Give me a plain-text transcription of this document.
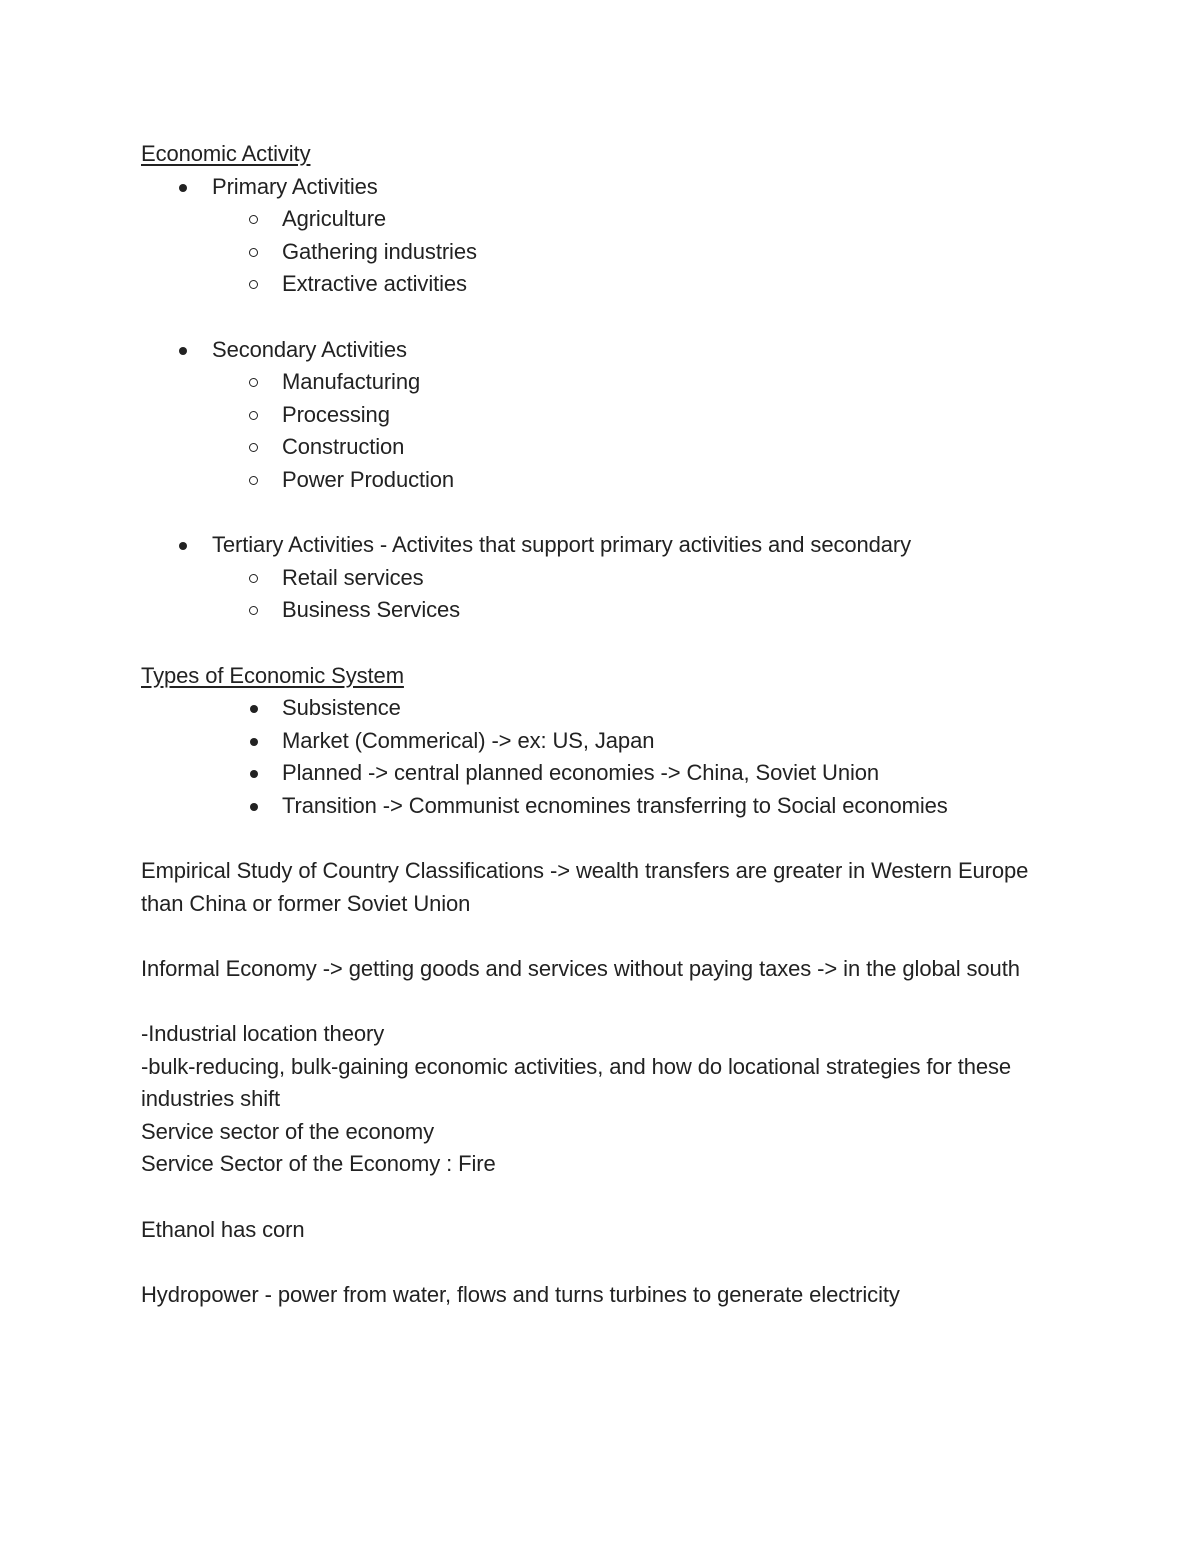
Economic Activity
Primary Activities
Agriculture
Gathering industries
Extractive activities
Secondary Activities
Manufacturing
Processing
Construction
Power Production
Tertiary Activities - Activites that support primary activities and secondary
Retail services
Business Services
Types of Economic System
Subsistence
Market (Commerical) -> ex: US, Japan
Planned -> central planned economies -> China, Soviet Union
Transition -> Communist ecnomines transferring to Social economies
Empirical Study of Country Classifications -> wealth transfers are greater in Western Europe than China or former Soviet Union
Informal Economy -> getting goods and services without paying taxes -> in the global south
-Industrial location theory
-bulk-reducing, bulk-gaining economic activities, and how do locational strategies for these industries shift
Service sector of the economy
Service Sector of the Economy : Fire
Ethanol has corn
Hydropower - power from water, flows and turns turbines to generate electricity
